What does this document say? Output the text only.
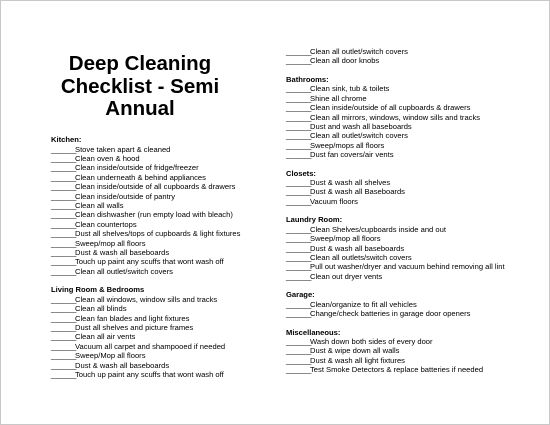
Deep Cleaning Checklist - Semi Annual
Kitchen:
______
Stove taken apart & cleaned
______
Clean oven & hood
______
Clean inside/outside of fridge/freezer
______
Clean underneath & behind appliances
______
Clean inside/outside of all cupboards & drawers
______
Clean inside/outside of pantry
______
Clean all walls
______
Clean dishwasher (run empty load with bleach)
______
Clean countertops
______
Dust all shelves/tops of cupboards & light fixtures
______
Sweep/mop all floors
______
Dust & wash all baseboards
______
Touch up paint any scuffs that wont wash off
______
Clean all outlet/switch covers
Living Room & Bedrooms
______
Clean all windows, window sills and tracks
______
Clean all blinds
______
Clean fan blades and light fixtures
______
Dust all shelves and picture frames
______
Clean all air vents
______
Vacuum all carpet and shampooed if needed
______
Sweep/Mop all floors
______
Dust & wash all baseboards
______
Touch up paint any scuffs that wont wash off
______
Clean all outlet/switch covers
______
Clean all door knobs
Bathrooms:
______
Clean sink, tub & toilets
______
Shine all chrome
______
Clean inside/outside of all cupboards & drawers
______
Clean all mirrors, windows, window sills and tracks
______
Dust and wash all baseboards
______
Clean all outlet/switch covers
______
Sweep/mops all floors
______
Dust fan covers/air vents
Closets:
______
Dust & wash all shelves
______
Dust & wash all Baseboards
______
Vacuum floors
Laundry Room:
______
Clean Shelves/cupboards inside and out
______
Sweep/mop all floors
______
Dust & wash all baseboards
______
Clean all outlets/switch covers
______
Pull out washer/dryer and vacuum behind removing all lint
______
Clean out dryer vents
Garage:
______
Clean/organize to fit all vehicles
______
Change/check batteries in garage door openers
Miscellaneous:
______
Wash down both sides of every door
______
Dust & wipe down all walls
______
Dust & wash all light fixtures
______
Test Smoke Detectors & replace batteries if needed
